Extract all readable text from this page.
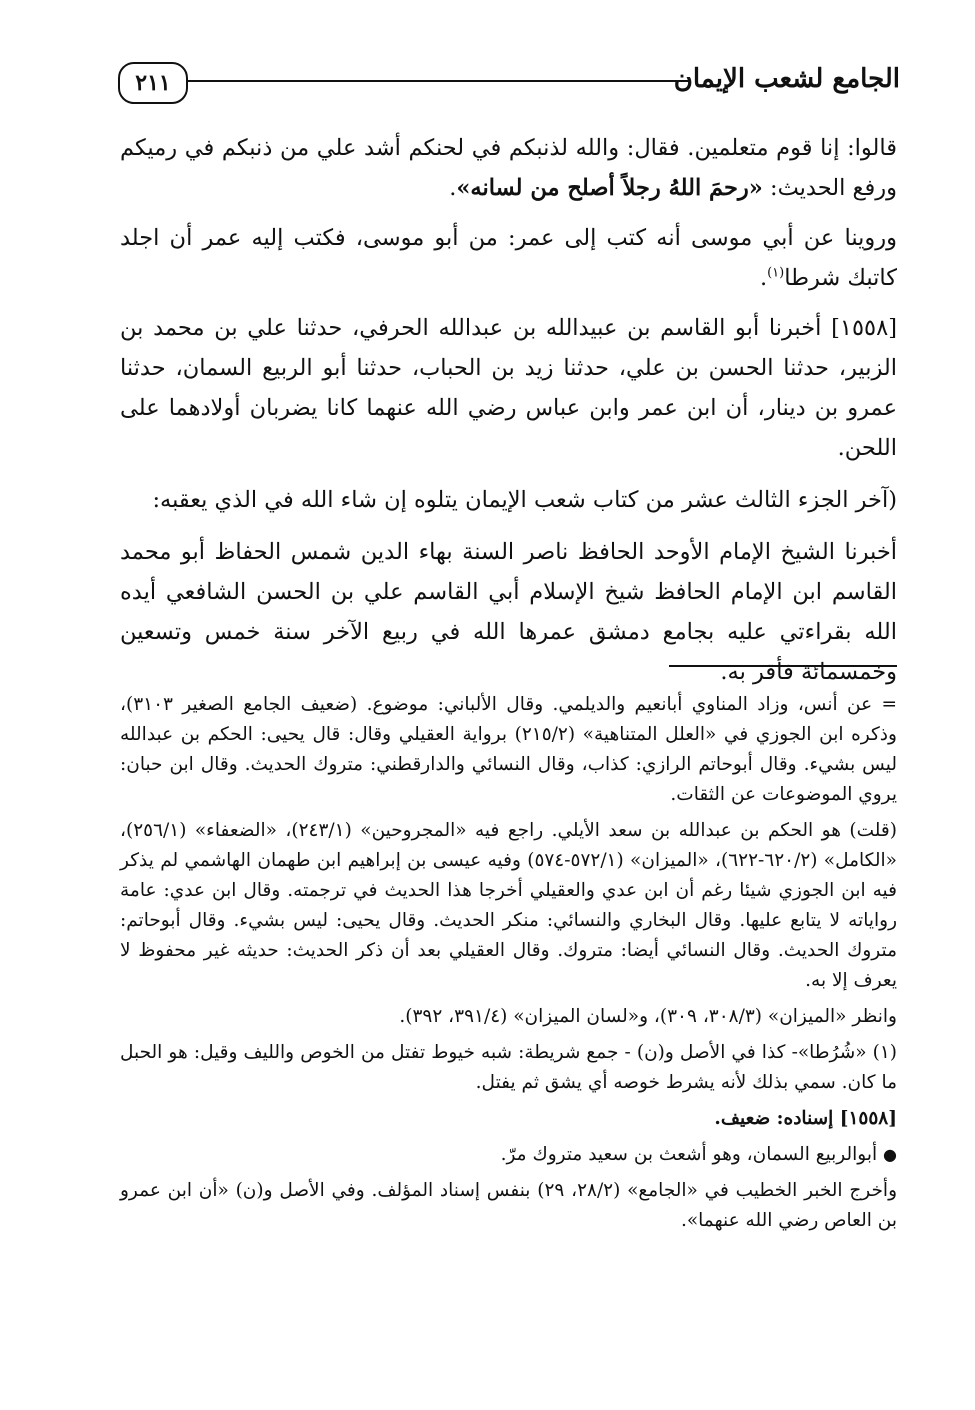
الجامع لشعب الإيمان
٢١١

قالوا: إنا قوم متعلمين. فقال: والله لذنبكم في لحنكم أشد علي من ذنبكم في رميكم ورفع الحديث: «رحمَ اللهُ رجلاً أصلح من لسانه».

وروينا عن أبي موسى أنه كتب إلى عمر: من أبو موسى، فكتب إليه عمر أن اجلد كاتبك شرطا$^{(١)}$.

[١٥٥٨] أخبرنا أبو القاسم بن عبيدالله بن عبدالله الحرفي، حدثنا علي بن محمد بن الزبير، حدثنا الحسن بن علي، حدثنا زيد بن الحباب، حدثنا أبو الربيع السمان، حدثنا عمرو بن دينار، أن ابن عمر وابن عباس رضي الله عنهما كانا يضربان أولادهما على اللحن.

(آخر الجزء الثالث عشر من كتاب شعب الإيمان يتلوه إن شاء الله في الذي يعقبه:

أخبرنا الشيخ الإمام الأوحد الحافظ ناصر السنة بهاء الدين شمس الحفاظ أبو محمد القاسم ابن الإمام الحافظ شيخ الإسلام أبي القاسم علي بن الحسن الشافعي أيده الله بقراءتي عليه بجامع دمشق عمرها الله في ربيع الآخر سنة خمس وتسعين وخمسمائة فأقر به.

= عن أنس، وزاد المناوي أبانعيم والديلمي. وقال الألباني: موضوع. (ضعيف الجامع الصغير ٣١٠٣)، وذكره ابن الجوزي في «العلل المتناهية» (٢١٥/٢) برواية العقيلي وقال: قال يحيى: الحكم بن عبدالله ليس بشيء. وقال أبوحاتم الرازي: كذاب، وقال النسائي والدارقطني: متروك الحديث. وقال ابن حبان: يروي الموضوعات عن الثقات.

(قلت) هو الحكم بن عبدالله بن سعد الأيلي. راجع فيه «المجروحين» (٢٤٣/١)، «الضعفاء» (٢٥٦/١)، «الكامل» (٦٢٠/٢-٦٢٢)، «الميزان» (٥٧٢/١-٥٧٤) وفيه عيسى بن إبراهيم ابن طهمان الهاشمي لم يذكر فيه ابن الجوزي شيئا رغم أن ابن عدي والعقيلي أخرجا هذا الحديث في ترجمته. وقال ابن عدي: عامة رواياته لا يتابع عليها. وقال البخاري والنسائي: منكر الحديث. وقال يحيى: ليس بشيء. وقال أبوحاتم: متروك الحديث. وقال النسائي أيضا: متروك. وقال العقيلي بعد أن ذكر الحديث: حديثه غير محفوظ لا يعرف إلا به.

وانظر «الميزان» (٣٠٨/٣، ٣٠٩)، و«لسان الميزان» (٣٩١/٤، ٣٩٢).

(١) «شُرُطا»- كذا في الأصل و(ن) - جمع شريطة: شبه خيوط تفتل من الخوص والليف وقيل: هو الحبل ما كان. سمي بذلك لأنه يشرط خوصه أي يشق ثم يفتل.

[١٥٥٨] إسناده: ضعيف.

● أبوالربيع السمان، وهو أشعث بن سعيد متروك مرّ.

وأخرج الخبر الخطيب في «الجامع» (٢٨/٢، ٢٩) بنفس إسناد المؤلف. وفي الأصل و(ن) «أن ابن عمرو بن العاص رضي الله عنهما».
